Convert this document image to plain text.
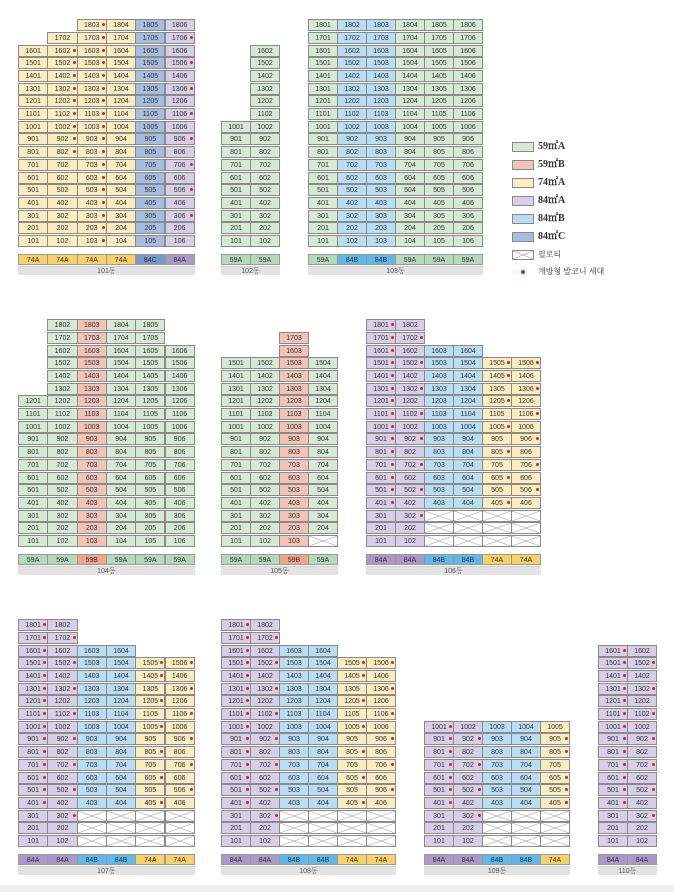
101
201
301
401
501
601
701
801
901
1001
1101
1201
1301
1401
1501
1601
74A
102
202
302
402
502
602
702
802
902
1002
1102
1202
1302
1402
1502
1602
1702
74A
103
203
303
403
503
603
703
803
903
1003
1103
1203
1303
1403
1503
1603
1703
1803
74A
104
204
304
404
504
604
704
804
904
1004
1104
1204
1304
1404
1504
1604
1704
1804
74A
105
205
305
405
505
605
705
805
905
1005
1105
1205
1305
1405
1505
1605
1705
1805
84C
106
206
306
406
506
606
706
806
906
1006
1106
1206
1306
1406
1506
1606
1706
1806
84A
101동
101
201
301
401
501
601
701
801
901
1001
59A
102
202
302
402
502
602
702
802
902
1002
1102
1202
1302
1402
1502
1602
59A
102동
101
201
301
401
501
601
701
801
901
1001
1101
1201
1301
1401
1501
1601
1701
1801
59A
102
202
302
402
502
602
702
802
902
1002
1102
1202
1302
1402
1502
1602
1702
1802
84B
103
203
303
403
503
603
703
803
903
1003
1103
1203
1303
1403
1503
1603
1703
1803
84B
104
204
304
404
504
604
704
804
904
1004
1104
1204
1304
1404
1504
1604
1704
1804
59A
105
205
305
405
505
605
705
805
905
1005
1105
1205
1305
1405
1505
1605
1705
1805
59A
106
206
306
406
506
606
706
806
906
1006
1106
1206
1306
1406
1506
1606
1706
1806
59A
103동
101
201
301
401
501
601
701
801
901
1001
1101
1201
59A
102
202
302
402
502
602
702
802
902
1002
1102
1202
1302
1402
1502
1602
1702
1802
59A
103
203
303
403
503
603
703
803
903
1003
1103
1203
1303
1403
1503
1603
1703
1803
59B
104
204
304
404
504
604
704
804
904
1004
1104
1204
1304
1404
1504
1604
1704
1804
59A
105
205
305
405
505
605
705
805
905
1005
1105
1205
1305
1405
1505
1605
1705
1805
59A
106
206
306
406
506
606
706
806
906
1006
1106
1206
1306
1406
1506
1606
59A
104동
101
201
301
401
501
601
701
801
901
1001
1101
1201
1301
1401
1501
59A
102
202
302
402
502
602
702
802
902
1002
1102
1202
1302
1402
1502
59A
103
203
303
403
503
603
703
803
903
1003
1103
1203
1303
1403
1503
1603
1703
59B
204
304
404
504
604
704
804
904
1004
1104
1204
1304
1404
1504
59A
105동
101
201
301
401
501
601
701
801
901
1001
1101
1201
1301
1401
1501
1601
1701
1801
84A
102
202
302
402
502
602
702
802
902
1002
1102
1202
1302
1402
1502
1602
1702
1802
84A
403
503
603
703
803
903
1003
1103
1203
1303
1403
1503
1603
84B
404
504
604
704
804
904
1004
1104
1204
1304
1404
1504
1604
84B
405
505
605
705
805
905
1005
1105
1205
1305
1405
1505
74A
406
506
606
706
806
906
1006
1106
1206
1306
1406
1506
74A
106동
101
201
301
401
501
601
701
801
901
1001
1101
1201
1301
1401
1501
1601
1701
1801
84A
102
202
302
402
502
602
702
802
902
1002
1102
1202
1302
1402
1502
1602
1702
1802
84A
403
503
603
703
803
903
1003
1103
1203
1303
1403
1503
1603
84B
404
504
604
704
804
904
1004
1104
1204
1304
1404
1504
1604
84B
405
505
605
705
805
905
1005
1105
1205
1305
1405
1505
74A
406
506
606
706
806
906
1006
1106
1206
1306
1406
1506
74A
107동
101
201
301
401
501
601
701
801
901
1001
1101
1201
1301
1401
1501
1601
1701
1801
84A
102
202
302
402
502
602
702
802
902
1002
1102
1202
1302
1402
1502
1602
1702
1802
84A
403
503
603
703
803
903
1003
1103
1203
1303
1403
1503
1603
84B
404
504
604
704
804
904
1004
1104
1204
1304
1404
1504
1604
84B
405
505
605
705
805
905
1005
1105
1205
1305
1405
1505
74A
406
506
606
706
806
906
1006
1106
1206
1306
1406
1506
74A
108동
101
201
301
401
501
601
701
801
901
1001
84A
102
202
302
402
502
602
702
802
902
1002
84A
403
503
603
703
803
903
1003
84B
404
504
604
704
804
904
1004
84B
405
505
605
705
805
905
1005
74A
109동
101
201
301
401
501
601
701
801
901
1001
1101
1201
1301
1401
1501
1601
84A
102
202
302
402
502
602
702
802
902
1002
1102
1202
1302
1402
1502
1602
84A
110동
59㎡A
59㎡B
74㎡A
84㎡A
84㎡B
84㎡C
필로티
개방형 발코니 세대
